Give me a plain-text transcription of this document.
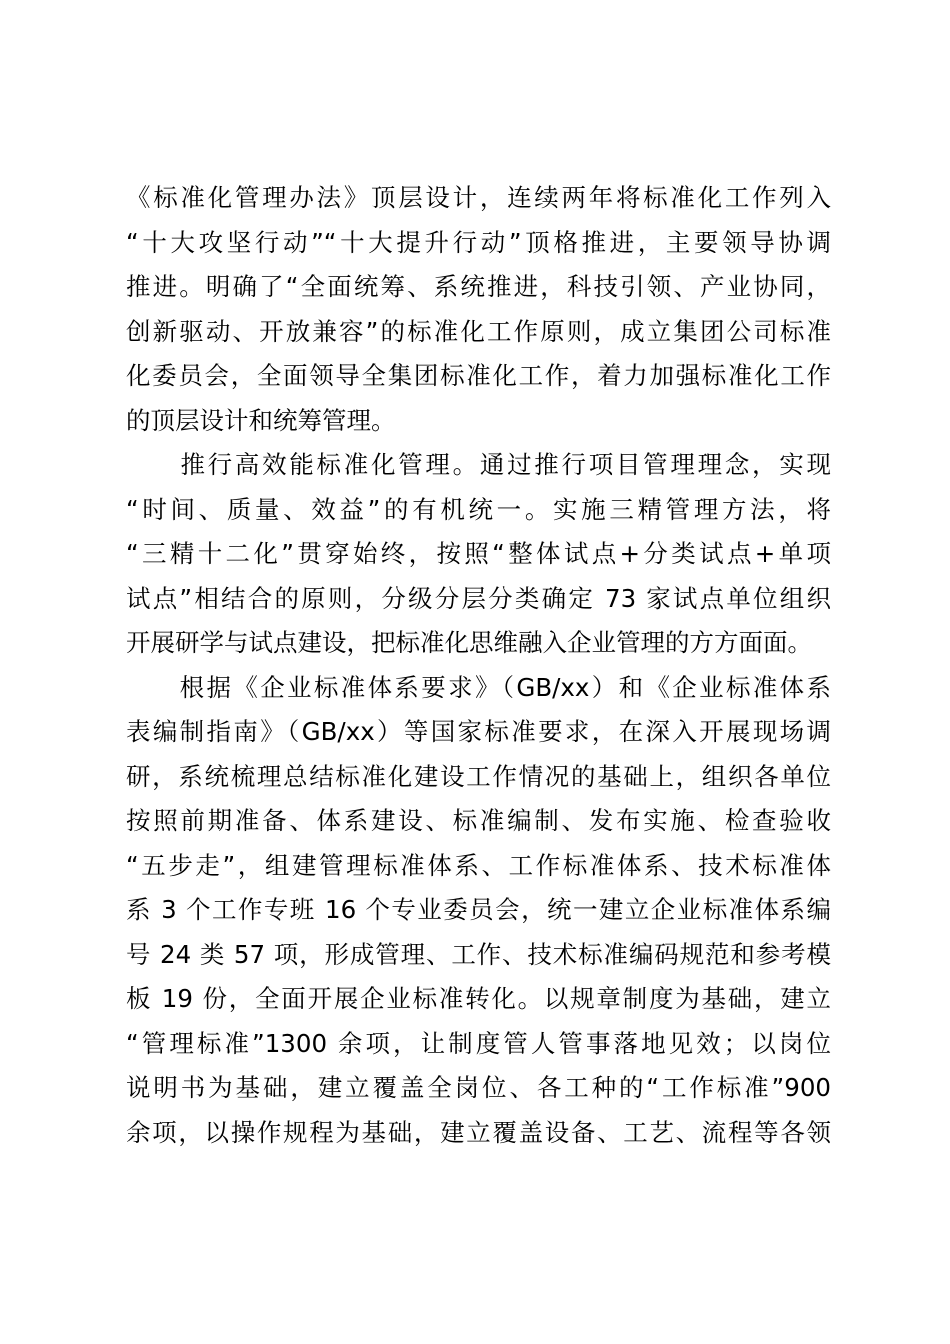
《标准化管理办法》顶层设计，连续两年将标准化工作列入
“十大攻坚行动”“十大提升行动”顶格推进，主要领导协调
推进。明确了“全面统筹、系统推进，科技引领、产业协同，
创新驱动、开放兼容”的标准化工作原则，成立集团公司标准
化委员会，全面领导全集团标准化工作，着力加强标准化工作
的顶层设计和统筹管理。
　　推行高效能标准化管理。通过推行项目管理理念，实现
“时间、质量、效益”的有机统一。实施三精管理方法，将
“三精十二化”贯穿始终，按照“整体试点+分类试点+单项
试点”相结合的原则，分级分层分类确定 73 家试点单位组织
开展研学与试点建设，把标准化思维融入企业管理的方方面面。
　　根据《企业标准体系要求》（GB/xx）和《企业标准体系
表编制指南》（GB/xx）等国家标准要求，在深入开展现场调
研，系统梳理总结标准化建设工作情况的基础上，组织各单位
按照前期准备、体系建设、标准编制、发布实施、检查验收
“五步走”，组建管理标准体系、工作标准体系、技术标准体
系 3 个工作专班 16 个专业委员会，统一建立企业标准体系编
号 24 类 57 项，形成管理、工作、技术标准编码规范和参考模
板 19 份，全面开展企业标准转化。以规章制度为基础，建立
“管理标准”1300 余项，让制度管人管事落地见效；以岗位
说明书为基础，建立覆盖全岗位、各工种的“工作标准”900
余项，以操作规程为基础，建立覆盖设备、工艺、流程等各领
